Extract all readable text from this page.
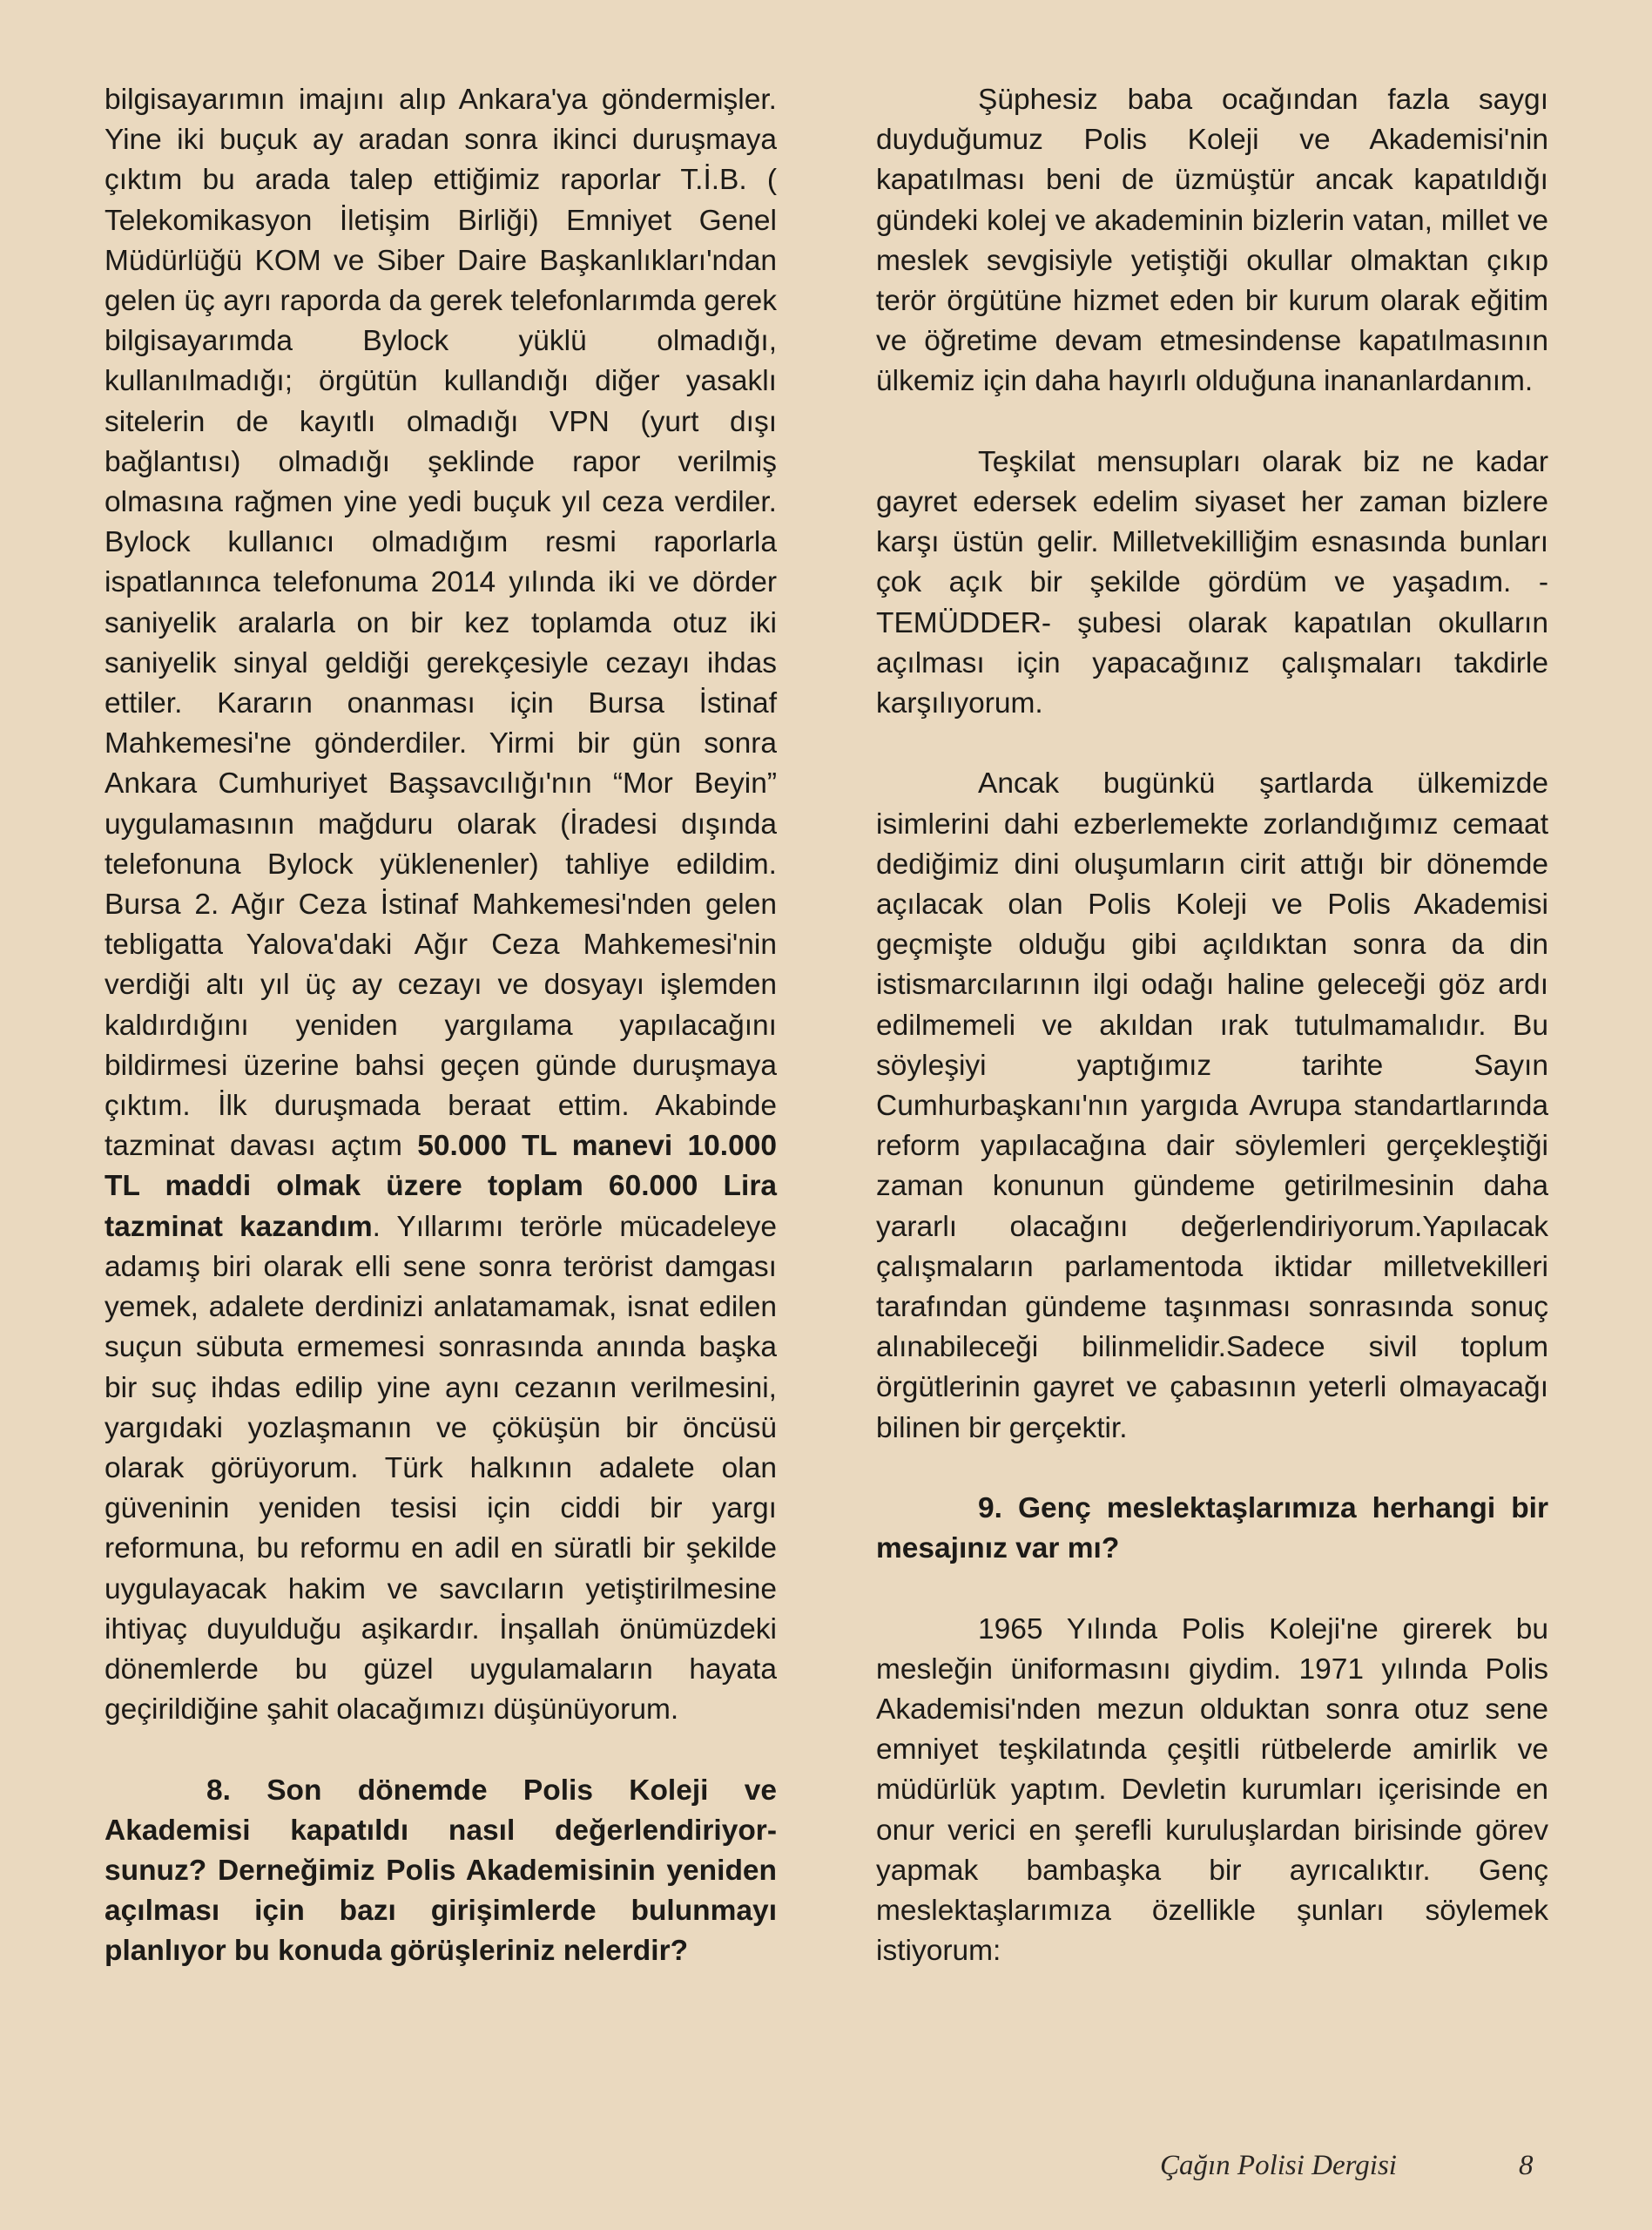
bilgisayarımın imajını alıp Ankara'ya göndermişler. Yine iki buçuk ay aradan sonra ikinci duruşmaya çıktım bu arada talep ettiğimiz raporlar T.İ.B. ( Telekomikasyon İletişim Birliği) Emniyet Genel Müdürlüğü KOM ve Siber Daire Başkanlıkları'ndan gelen üç ayrı raporda da gerek telefonlarımda gerek bilgisayarımda Bylock yüklü olmadığı, kullanılmadığı; örgütün kullandığı diğer yasaklı sitelerin de kayıtlı olmadığı VPN (yurt dışı bağlantısı) olmadığı şeklinde rapor verilmiş olmasına rağmen yine yedi buçuk yıl ceza verdiler. Bylock kullanıcı olmadığım resmi raporlarla ispatlanınca telefonuma 2014 yılında iki ve dörder saniyelik aralarla on bir kez toplamda otuz iki saniyelik sinyal geldiği gerekçesiyle cezayı ihdas ettiler. Kararın onanması için Bursa İstinaf Mahkemesi'ne gönderdiler. Yirmi bir gün sonra Ankara Cumhuriyet Başsavcılığı'nın “Mor Beyin” uygulamasının mağduru olarak (İradesi dışında telefonuna Bylock yüklenenler) tahliye edildim. Bursa 2. Ağır Ceza İstinaf Mahkemesi'nden gelen tebligatta Yalova'daki Ağır Ceza Mahkemesi'nin verdiği altı yıl üç ay cezayı ve dosyayı işlemden kaldırdığını yeniden yargılama yapılacağını bildirmesi üzerine bahsi geçen günde duruşmaya çıktım. İlk duruşmada beraat ettim. Akabinde tazminat davası açtım 50.000 TL manevi 10.000 TL maddi olmak üzere toplam 60.000 Lira tazminat kazandım. Yıllarımı terörle mücadeleye adamış biri olarak elli sene sonra terörist damgası yemek, adalete derdinizi anlatamamak, isnat edilen suçun sübuta ermemesi sonrasında anında başka bir suç ihdas edilip yine aynı cezanın verilmesini, yargıdaki yozlaşmanın ve çöküşün bir öncüsü olarak görüyorum. Türk halkının adalete olan güveninin yeniden tesisi için ciddi bir yargı reformuna, bu reformu en adil en süratli bir şekilde uygulayacak hakim ve savcıların yetiştirilmesine ihtiyaç duyulduğu aşikardır. İnşallah önümüzdeki dönemlerde bu güzel uygulamaların hayata geçirildiğine şahit olacağımızı düşünüyorum.

8. Son dönemde Polis Koleji ve Akademisi kapatıldı nasıl değerlendiriyor-sunuz? Derneğimiz Polis Akademisinin yeniden açılması için bazı girişimlerde bulunmayı planlıyor bu konuda görüşleriniz nelerdir?

Şüphesiz baba ocağından fazla saygı duyduğumuz Polis Koleji ve Akademisi'nin kapatılması beni de üzmüştür ancak kapatıldığı gündeki kolej ve akademinin bizlerin vatan, millet ve meslek sevgisiyle yetiştiği okullar olmaktan çıkıp terör örgütüne hizmet eden bir kurum olarak eğitim ve öğretime devam etmesindense kapatılmasının ülkemiz için daha hayırlı olduğuna inananlardanım.

Teşkilat mensupları olarak biz ne kadar gayret edersek edelim siyaset her zaman bizlere karşı üstün gelir. Milletvekilliğim esnasında bunları çok açık bir şekilde gördüm ve yaşadım. - TEMÜDDER- şubesi olarak kapatılan okulların açılması için yapacağınız çalışmaları takdirle karşılıyorum.

Ancak bugünkü şartlarda ülkemizde isimlerini dahi ezberlemekte zorlandığımız cemaat dediğimiz dini oluşumların cirit attığı bir dönemde açılacak olan Polis Koleji ve Polis Akademisi geçmişte olduğu gibi açıldıktan sonra da din istismarcılarının ilgi odağı haline geleceği göz ardı edilmemeli ve akıldan ırak tutulmamalıdır. Bu söyleşiyi yaptığımız tarihte Sayın Cumhurbaşkanı'nın yargıda Avrupa standartlarında reform yapılacağına dair söylemleri gerçekleştiği zaman konunun gündeme getirilmesinin daha yararlı olacağını değerlendiriyorum.Yapılacak çalışmaların parlamentoda iktidar milletvekilleri tarafından gündeme taşınması sonrasında sonuç alınabileceği bilinmelidir.Sadece sivil toplum örgütlerinin gayret ve çabasının yeterli olmayacağı bilinen bir gerçektir.

9. Genç meslektaşlarımıza herhangi bir mesajınız var mı?

1965 Yılında Polis Koleji'ne girerek bu mesleğin üniformasını giydim. 1971 yılında Polis Akademisi'nden mezun olduktan sonra otuz sene emniyet teşkilatında çeşitli rütbelerde amirlik ve müdürlük yaptım. Devletin kurumları içerisinde en onur verici en şerefli kuruluşlardan birisinde görev yapmak bambaşka bir ayrıcalıktır. Genç meslektaşlarımıza özellikle şunları söylemek istiyorum:

Çağın Polisi Dergisi	8
